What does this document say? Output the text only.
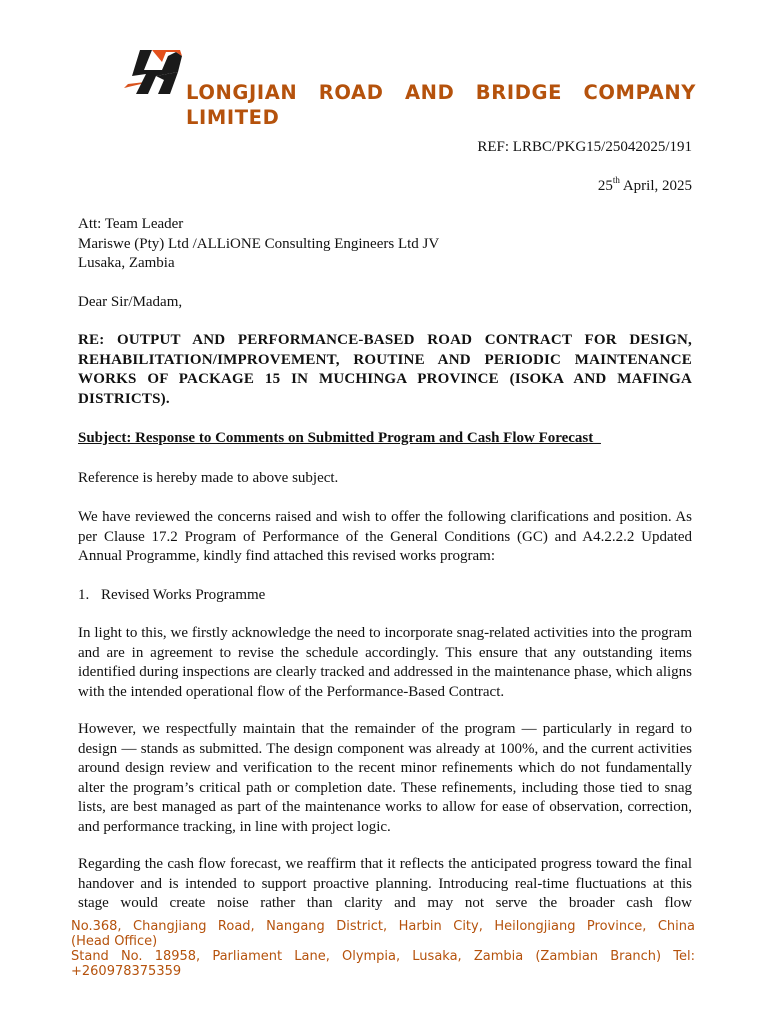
LONGJIAN ROAD AND BRIDGE COMPANY
LIMITED
REF: LRBC/PKG15/25042025/191
25th April, 2025
Att: Team Leader
Mariswe (Pty) Ltd /ALLiONE Consulting Engineers Ltd JV
Lusaka, Zambia
Dear Sir/Madam,
RE: OUTPUT AND PERFORMANCE-BASED ROAD CONTRACT FOR DESIGN, REHABILITATION/IMPROVEMENT, ROUTINE AND PERIODIC MAINTENANCE WORKS OF PACKAGE 15 IN MUCHINGA PROVINCE (ISOKA AND MAFINGA DISTRICTS).
Subject: Response to Comments on Submitted Program and Cash Flow Forecast_
Reference is hereby made to above subject.
We have reviewed the concerns raised and wish to offer the following clarifications and position. As per Clause 17.2 Program of Performance of the General Conditions (GC) and A4.2.2.2 Updated Annual Programme, kindly find attached this revised works program:
1. Revised Works Programme
In light to this, we firstly acknowledge the need to incorporate snag-related activities into the program and are in agreement to revise the schedule accordingly. This ensure that any outstanding items identified during inspections are clearly tracked and addressed in the maintenance phase, which aligns with the intended operational flow of the Performance-Based Contract.
However, we respectfully maintain that the remainder of the program — particularly in regard to design — stands as submitted. The design component was already at 100%, and the current activities around design review and verification to the recent minor refinements which do not fundamentally alter the program’s critical path or completion date. These refinements, including those tied to snag lists, are best managed as part of the maintenance works to allow for ease of observation, correction, and performance tracking, in line with project logic.
Regarding the cash flow forecast, we reaffirm that it reflects the anticipated progress toward the final handover and is intended to support proactive planning. Introducing real-time fluctuations at this stage would create noise rather than clarity and may not serve the broader cash flow
No.368, Changjiang Road, Nangang District, Harbin City, Heilongjiang Province, China
(Head Office)
Stand No. 18958, Parliament Lane, Olympia, Lusaka, Zambia (Zambian Branch) Tel:
+260978375359
